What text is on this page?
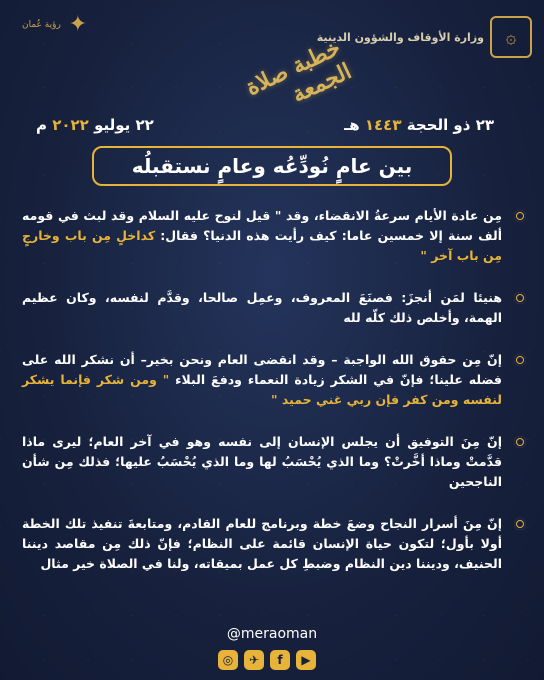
رؤية عُمان ✦	وزارة الأوقاف والشؤون الدينية	۞
خطبة صلاة الجمعة
٢٣ ذو الحجة ١٤٤٣ هـ
٢٢ يوليو ٢٠٢٢ م
بين عامٍ نُودِّعُه وعامٍ نستقبلُه
مِن عادة الأيام سرعةُ الانقضاء، وقد " قيل لنوح عليه السلام وقد لبث في قومه ألف سنة إلا خمسين عاما: كيف رأيت هذه الدنيا؟ فقال: كداخلٍ مِن باب وخارجٍ مِن باب آخر "
هنيئا لمَن أنجزَ: فصنَعَ المعروف، وعمِل صالحا، وقدَّم لنفسه، وكان عظيم الهمة، وأخلص ذلك كلّه لله
إنّ مِن حقوق الله الواجبة – وقد انقضى العام ونحن بخير– أن نشكر الله على فضله علينا؛ فإنّ في الشكر زيادة النعماء ودفعَ البلاء " ومن شكر فإنما يشكر لنفسه ومن كفر فإن ربي غني حميد "
إنّ مِنَ التوفيق أن يجلس الإنسان إلى نفسه وهو في آخر العام؛ ليرى ماذا قدَّمتْ وماذا أخَّرتْ؟ وما الذي يُحْسَبُ لها وما الذي يُحْسَبُ عليها؛ فذلك مِن شأن الناجحين
إنّ مِنَ أسرار النجاح وضعَ خطة وبرنامج للعام القادم، ومتابعةَ تنفيذ تلك الخطة أولا بأول؛ لتكون حياة الإنسان قائمة على النظام؛ فإنّ ذلك مِن مقاصد ديننا الحنيف، وديننا دين النظام وضبطِ كل عمل بميقاته، ولنا في الصلاة خير مثال
@meraoman
◎	✈	f	▶
